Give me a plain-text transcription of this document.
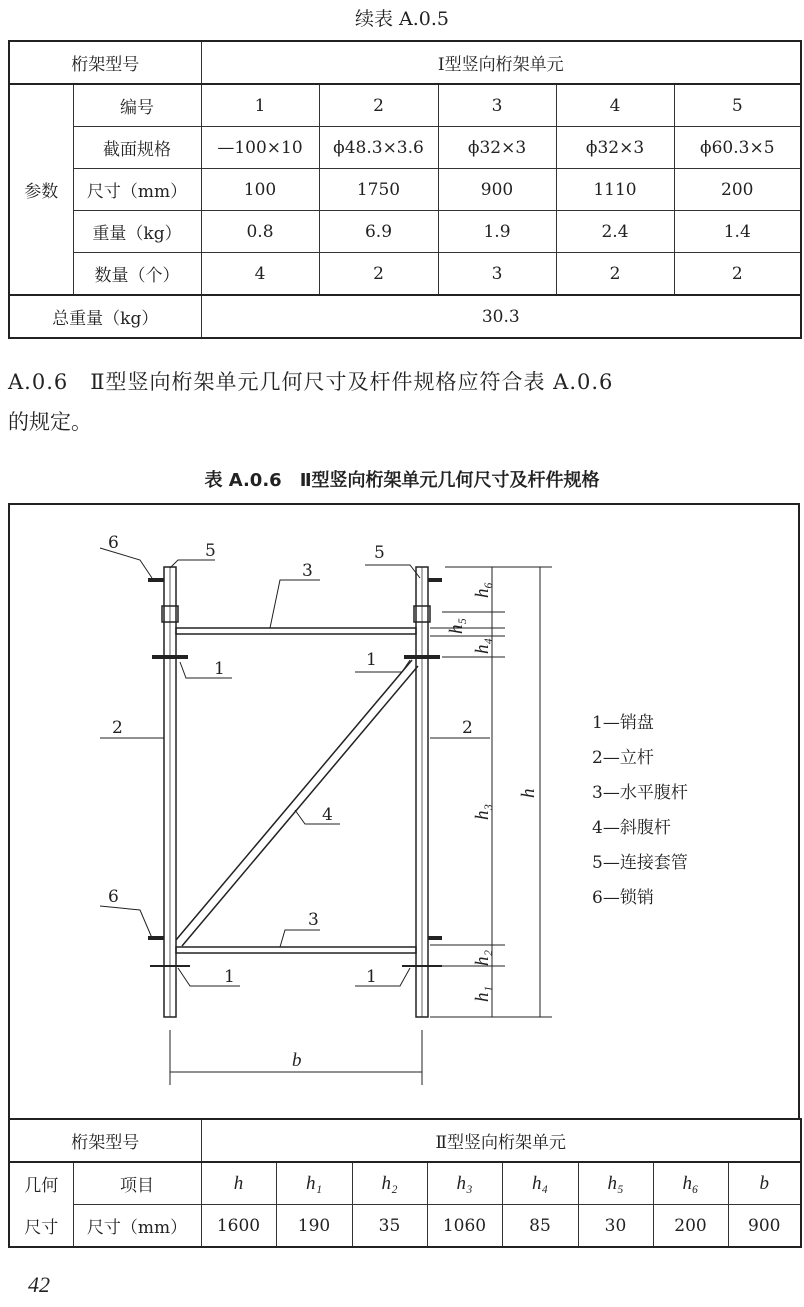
续表 A.0.5
桁架型号		Ⅰ型竖向桁架单元				
参数	编号	1	2	3	4	5
	截面规格	—100×10	ϕ48.3×3.6	ϕ32×3	ϕ32×3	ϕ60.3×5
	尺寸（mm）	100	1750	900	1110	200
	重量（kg）	0.8	6.9	1.9	2.4	1.4
	数量（个）	4	2	3	2	2
总重量（kg）		30.3				
A.0.6　Ⅱ型竖向桁架单元几何尺寸及杆件规格应符合表 A.0.6
的规定。
表 A.0.6　Ⅱ型竖向桁架单元几何尺寸及杆件规格
6	5
3
5
1	1
2	2
4
6
3
1	1
h₆
h₅
h₄
h₃
h₂
h₁
h
b
1—销盘
2—立杆
3—水平腹杆
4—斜腹杆
5—连接套管
6—锁销
桁架型号		Ⅱ型竖向桁架单元							
几何	项目	h	h₁	h₂	h₃	h₄	h₅	h₆	b
尺寸	尺寸（mm）	1600	190	35	1060	85	30	200	900
42
